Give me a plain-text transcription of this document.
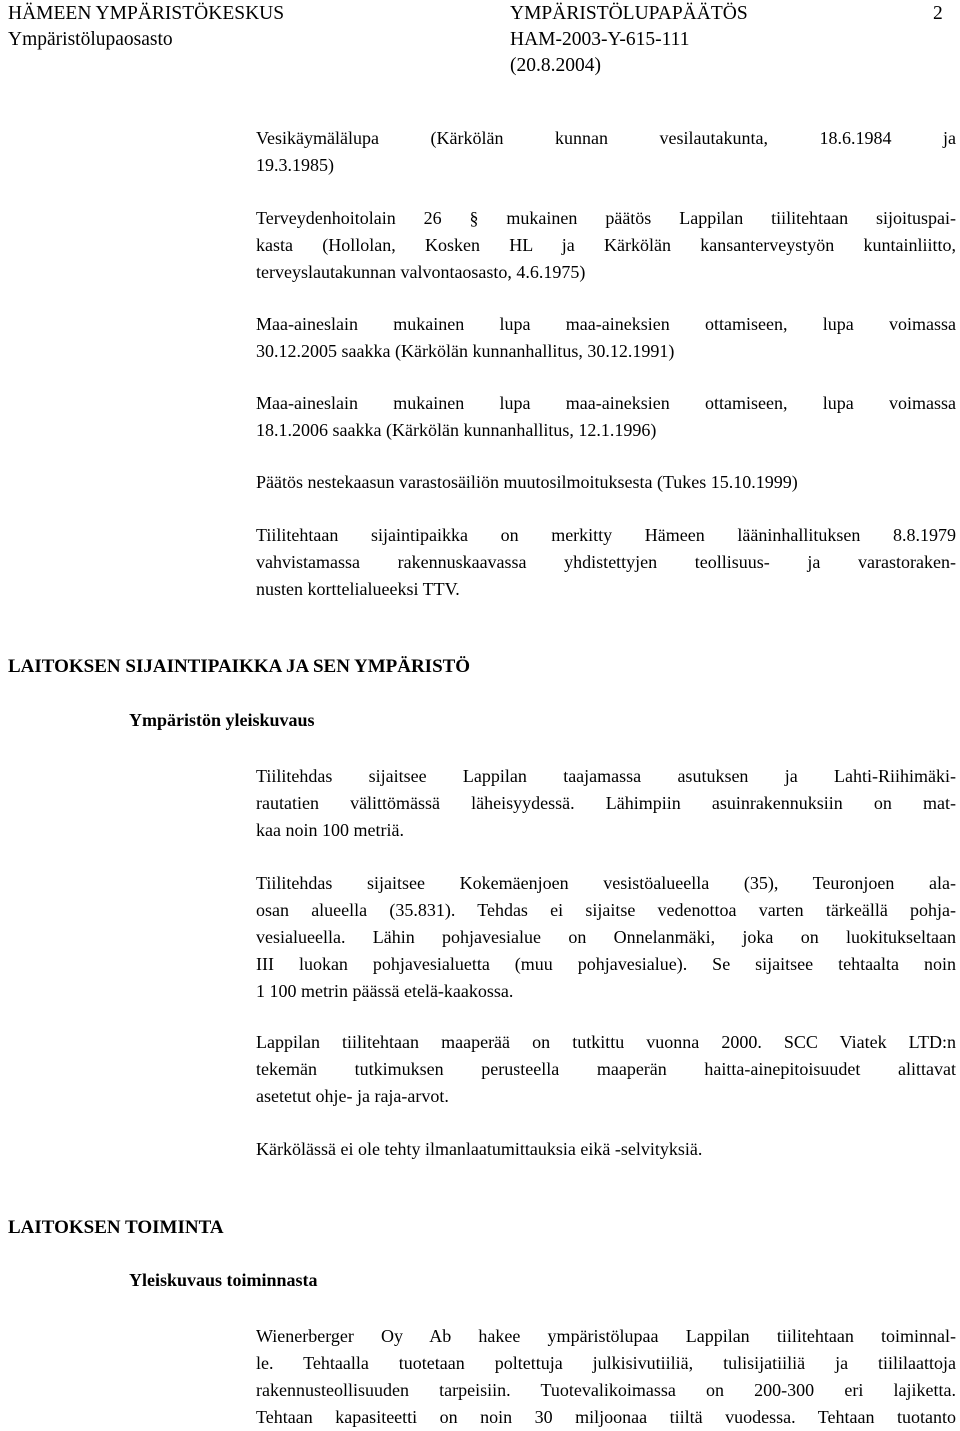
HÄMEEN YMPÄRISTÖKESKUS
Ympäristölupaosasto
YMPÄRISTÖLUPAPÄÄTÖS	2
HAM-2003-Y-615-111
(20.8.2004)
Vesikäymälälupa (Kärkölän kunnan vesilautakunta, 18.6.1984 ja
19.3.1985)
Terveydenhoitolain 26 § mukainen päätös Lappilan tiilitehtaan sijoituspai-
kasta (Hollolan, Kosken HL ja Kärkölän kansanterveystyön kuntainliitto,
terveyslautakunnan valvontaosasto, 4.6.1975)
Maa-aineslain mukainen lupa maa-aineksien ottamiseen, lupa voimassa
30.12.2005 saakka (Kärkölän kunnanhallitus, 30.12.1991)
Maa-aineslain mukainen lupa maa-aineksien ottamiseen, lupa voimassa
18.1.2006 saakka (Kärkölän kunnanhallitus, 12.1.1996)
Päätös nestekaasun varastosäiliön muutosilmoituksesta (Tukes 15.10.1999)
Tiilitehtaan sijaintipaikka on merkitty Hämeen lääninhallituksen 8.8.1979
vahvistamassa rakennuskaavassa yhdistettyjen teollisuus- ja varastoraken-
nusten korttelialueeksi TTV.
LAITOKSEN SIJAINTIPAIKKA JA SEN YMPÄRISTÖ
Ympäristön yleiskuvaus
Tiilitehdas sijaitsee Lappilan taajamassa asutuksen ja Lahti-Riihimäki-
rautatien välittömässä läheisyydessä. Lähimpiin asuinrakennuksiin on mat-
kaa noin 100 metriä.
Tiilitehdas sijaitsee Kokemäenjoen vesistöalueella (35), Teuronjoen ala-
osan alueella (35.831). Tehdas ei sijaitse vedenottoa varten tärkeällä pohja-
vesialueella. Lähin pohjavesialue on Onnelanmäki, joka on luokitukseltaan
III luokan pohjavesialuetta (muu pohjavesialue). Se sijaitsee tehtaalta noin
1 100 metrin päässä etelä-kaakossa.
Lappilan tiilitehtaan maaperää on tutkittu vuonna 2000. SCC Viatek LTD:n
tekemän tutkimuksen perusteella maaperän haitta-ainepitoisuudet alittavat
asetetut ohje- ja raja-arvot.
Kärkölässä ei ole tehty ilmanlaatumittauksia eikä -selvityksiä.
LAITOKSEN TOIMINTA
Yleiskuvaus toiminnasta
Wienerberger Oy Ab hakee ympäristölupaa Lappilan tiilitehtaan toiminnal-
le. Tehtaalla tuotetaan poltettuja julkisivutiiliä, tulisijatiiliä ja tiililaattoja
rakennusteollisuuden tarpeisiin. Tuotevalikoimassa on 200-300 eri lajiketta.
Tehtaan kapasiteetti on noin 30 miljoonaa tiiltä vuodessa. Tehtaan tuotanto
